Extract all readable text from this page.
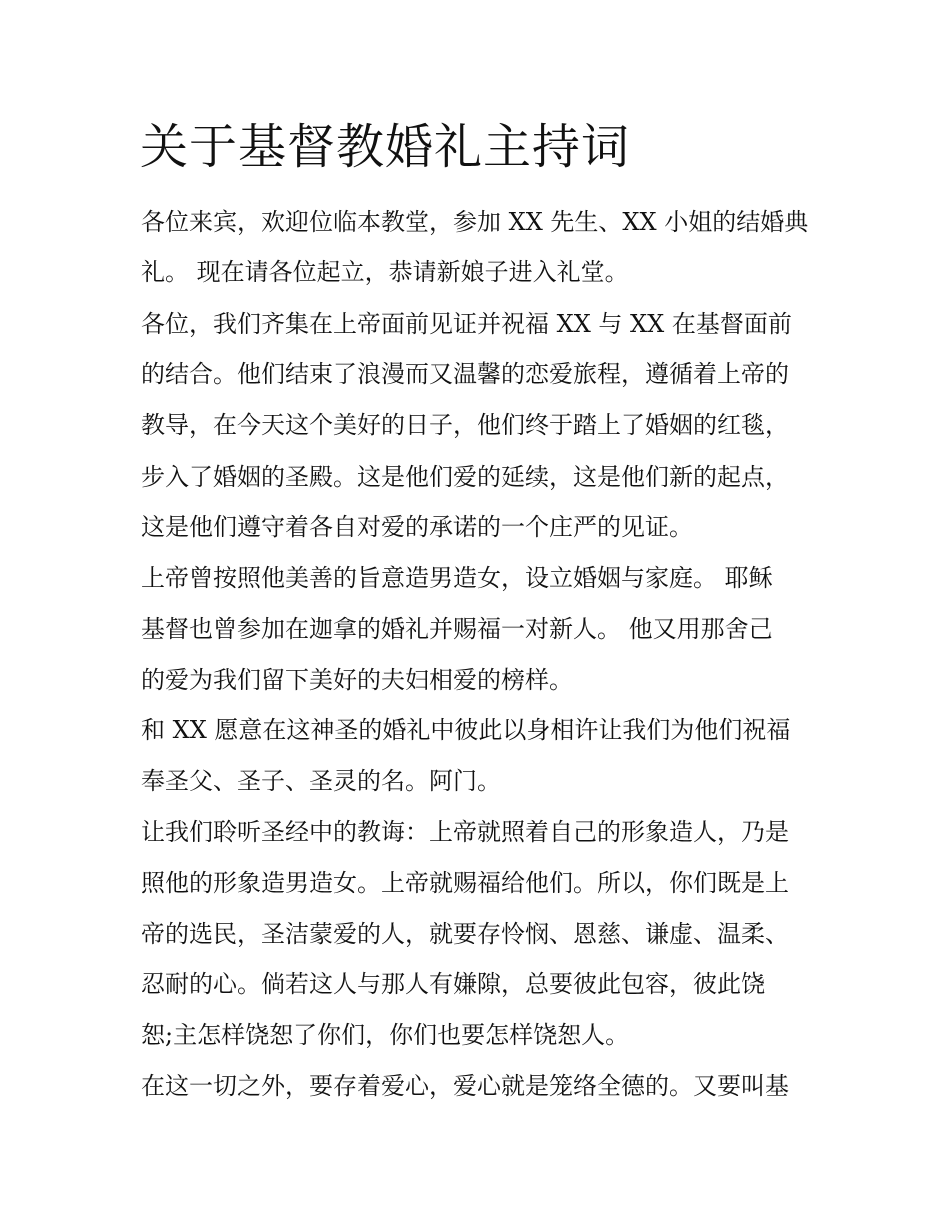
关于基督教婚礼主持词

各位来宾，欢迎位临本教堂，参加 XX 先生、XX 小姐的结婚典

礼。 现在请各位起立，恭请新娘子进入礼堂。

各位，我们齐集在上帝面前见证并祝福 XX 与 XX 在基督面前

的结合。他们结束了浪漫而又温馨的恋爱旅程，遵循着上帝的

教导，在今天这个美好的日子，他们终于踏上了婚姻的红毯，

步入了婚姻的圣殿。这是他们爱的延续，这是他们新的起点，

这是他们遵守着各自对爱的承诺的一个庄严的见证。

上帝曾按照他美善的旨意造男造女，设立婚姻与家庭。 耶稣

基督也曾参加在迦拿的婚礼并赐福一对新人。 他又用那舍己

的爱为我们留下美好的夫妇相爱的榜样。

和 XX 愿意在这神圣的婚礼中彼此以身相许让我们为他们祝福

奉圣父、圣子、圣灵的名。阿门。

让我们聆听圣经中的教诲：上帝就照着自己的形象造人，乃是

照他的形象造男造女。上帝就赐福给他们。所以，你们既是上

帝的选民，圣洁蒙爱的人，就要存怜悯、恩慈、谦虚、温柔、

忍耐的心。倘若这人与那人有嫌隙，总要彼此包容，彼此饶

恕;主怎样饶恕了你们，你们也要怎样饶恕人。

在这一切之外，要存着爱心，爱心就是笼络全德的。又要叫基
